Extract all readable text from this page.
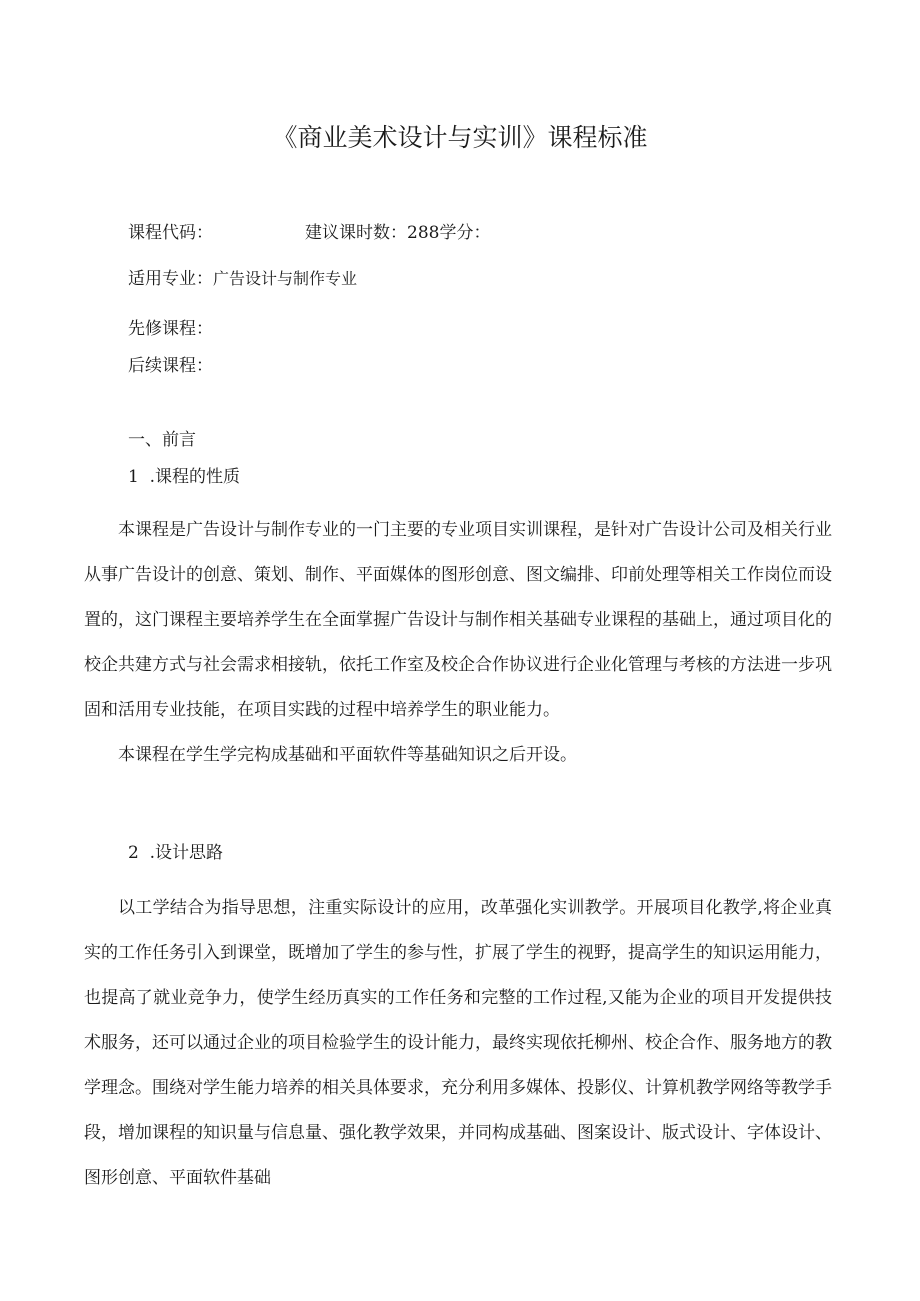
《商业美术设计与实训》课程标准
课程代码：	建议课时数：288学分：
适用专业：广告设计与制作专业
先修课程：
后续课程：
一、前言
1 .课程的性质

本课程是广告设计与制作专业的一门主要的专业项目实训课程，是针对广告设计公司及相关行业从事广告设计的创意、策划、制作、平面媒体的图形创意、图文编排、印前处理等相关工作岗位而设置的，这门课程主要培养学生在全面掌握广告设计与制作相关基础专业课程的基础上，通过项目化的校企共建方式与社会需求相接轨，依托工作室及校企合作协议进行企业化管理与考核的方法进一步巩固和活用专业技能，在项目实践的过程中培养学生的职业能力。

本课程在学生学完构成基础和平面软件等基础知识之后开设。

2 .设计思路

以工学结合为指导思想，注重实际设计的应用，改革强化实训教学。开展项目化教学,将企业真实的工作任务引入到课堂，既增加了学生的参与性，扩展了学生的视野，提高学生的知识运用能力，也提高了就业竞争力，使学生经历真实的工作任务和完整的工作过程,又能为企业的项目开发提供技术服务，还可以通过企业的项目检验学生的设计能力，最终实现依托柳州、校企合作、服务地方的教学理念。围绕对学生能力培养的相关具体要求，充分利用多媒体、投影仪、计算机教学网络等教学手段，增加课程的知识量与信息量、强化教学效果，并同构成基础、图案设计、版式设计、字体设计、图形创意、平面软件基础
